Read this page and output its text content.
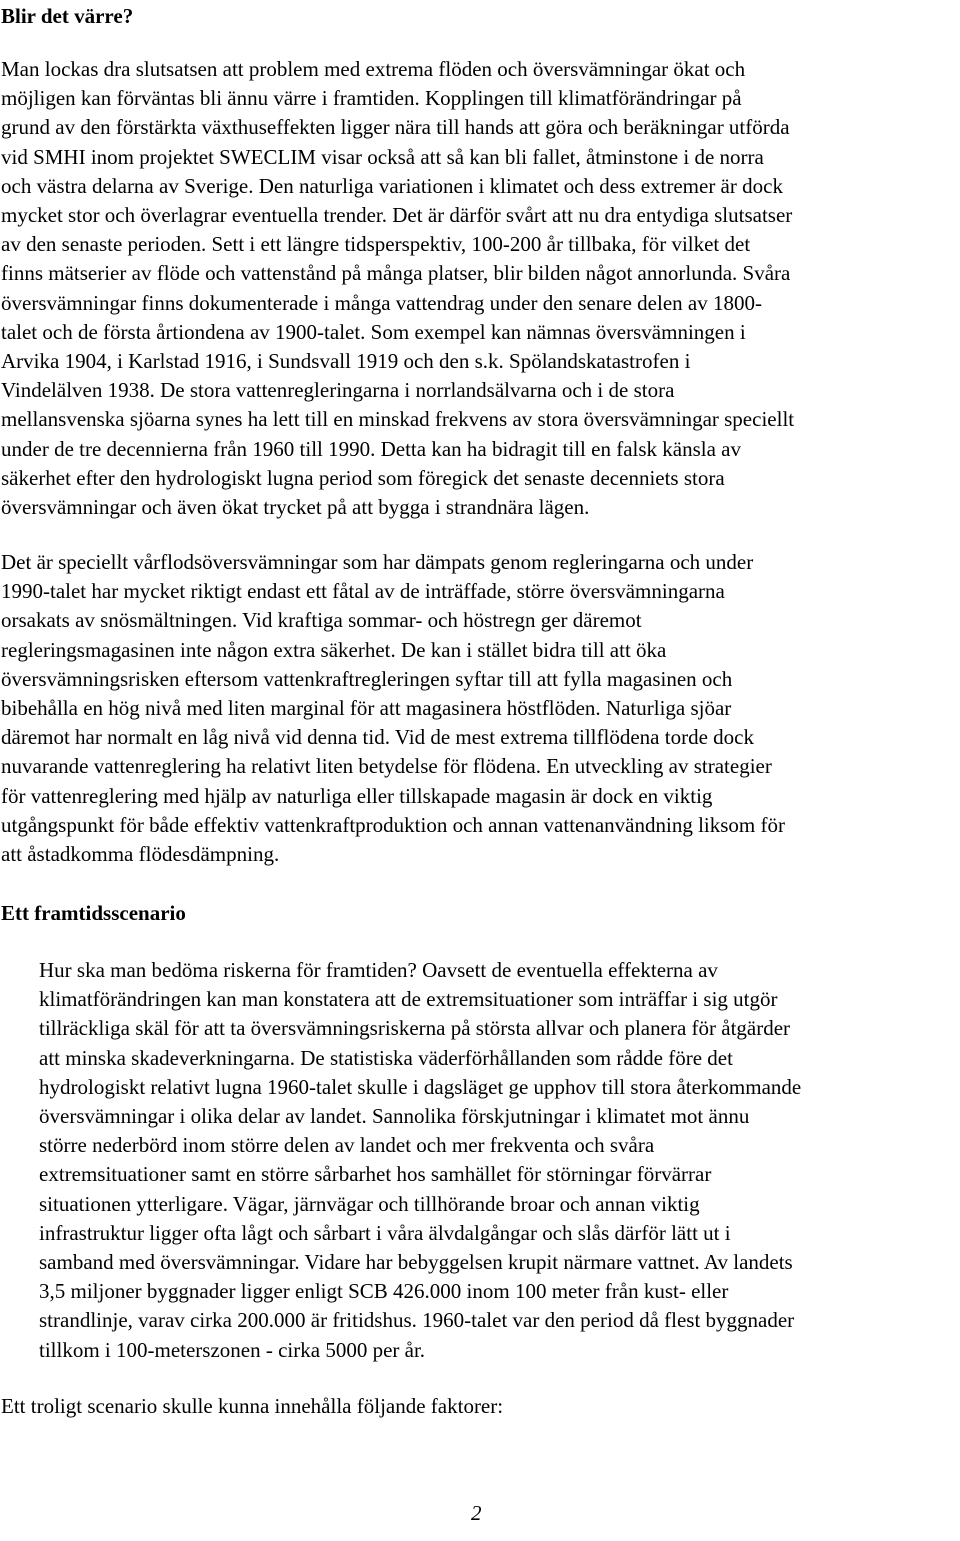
Blir det värre?

Man lockas dra slutsatsen att problem med extrema flöden och översvämningar ökat och
möjligen kan förväntas bli ännu värre i framtiden. Kopplingen till klimatförändringar på
grund av den förstärkta växthuseffekten ligger nära till hands att göra och beräkningar utförda
vid SMHI inom projektet SWECLIM visar också att så kan bli fallet, åtminstone i de norra
och västra delarna av Sverige. Den naturliga variationen i klimatet och dess extremer är dock
mycket stor och överlagrar eventuella trender. Det är därför svårt att nu dra entydiga slutsatser
av den senaste perioden. Sett i ett längre tidsperspektiv, 100-200 år tillbaka, för vilket det
finns mätserier av flöde och vattenstånd på många platser, blir bilden något annorlunda. Svåra
översvämningar finns dokumenterade i många vattendrag under den senare delen av 1800-
talet och de första årtiondena av 1900-talet. Som exempel kan nämnas översvämningen i
Arvika 1904, i Karlstad 1916, i Sundsvall 1919 och den s.k. Spölandskatastrofen i
Vindelälven 1938. De stora vattenregleringarna i norrlandsälvarna och i de stora
mellansvenska sjöarna synes ha lett till en minskad frekvens av stora översvämningar speciellt
under de tre decennierna från 1960 till 1990. Detta kan ha bidragit till en falsk känsla av
säkerhet efter den hydrologiskt lugna period som föregick det senaste decenniets stora
översvämningar och även ökat trycket på att bygga i strandnära lägen.

Det är speciellt vårflodsöversvämningar som har dämpats genom regleringarna och under
1990-talet har mycket riktigt endast ett fåtal av de inträffade, större översvämningarna
orsakats av snösmältningen. Vid kraftiga sommar- och höstregn ger däremot
regleringsmagasinen inte någon extra säkerhet. De kan i stället bidra till att öka
översvämningsrisken eftersom vattenkraftregleringen syftar till att fylla magasinen och
bibehålla en hög nivå med liten marginal för att magasinera höstflöden. Naturliga sjöar
däremot har normalt en låg nivå vid denna tid. Vid de mest extrema tillflödena torde dock
nuvarande vattenreglering ha relativt liten betydelse för flödena. En utveckling av strategier
för vattenreglering med hjälp av naturliga eller tillskapade magasin är dock en viktig
utgångspunkt för både effektiv vattenkraftproduktion och annan vattenanvändning liksom för
att åstadkomma flödesdämpning.

Ett framtidsscenario

Hur ska man bedöma riskerna för framtiden? Oavsett de eventuella effekterna av
klimatförändringen kan man konstatera att de extremsituationer som inträffar i sig utgör
tillräckliga skäl för att ta översvämningsriskerna på största allvar och planera för åtgärder
att minska skadeverkningarna. De statistiska väderförhållanden som rådde före det
hydrologiskt relativt lugna 1960-talet skulle i dagsläget ge upphov till stora återkommande
översvämningar i olika delar av landet. Sannolika förskjutningar i klimatet mot ännu
större nederbörd inom större delen av landet och mer frekventa och svåra
extremsituationer samt en större sårbarhet hos samhället för störningar förvärrar
situationen ytterligare. Vägar, järnvägar och tillhörande broar och annan viktig
infrastruktur ligger ofta lågt och sårbart i våra älvdalgångar och slås därför lätt ut i
samband med översvämningar. Vidare har bebyggelsen krupit närmare vattnet. Av landets
3,5 miljoner byggnader ligger enligt SCB 426.000 inom 100 meter från kust- eller
strandlinje, varav cirka 200.000 är fritidshus. 1960-talet var den period då flest byggnader
tillkom i 100-meterszonen - cirka 5000 per år.

Ett troligt scenario skulle kunna innehålla följande faktorer:

2
